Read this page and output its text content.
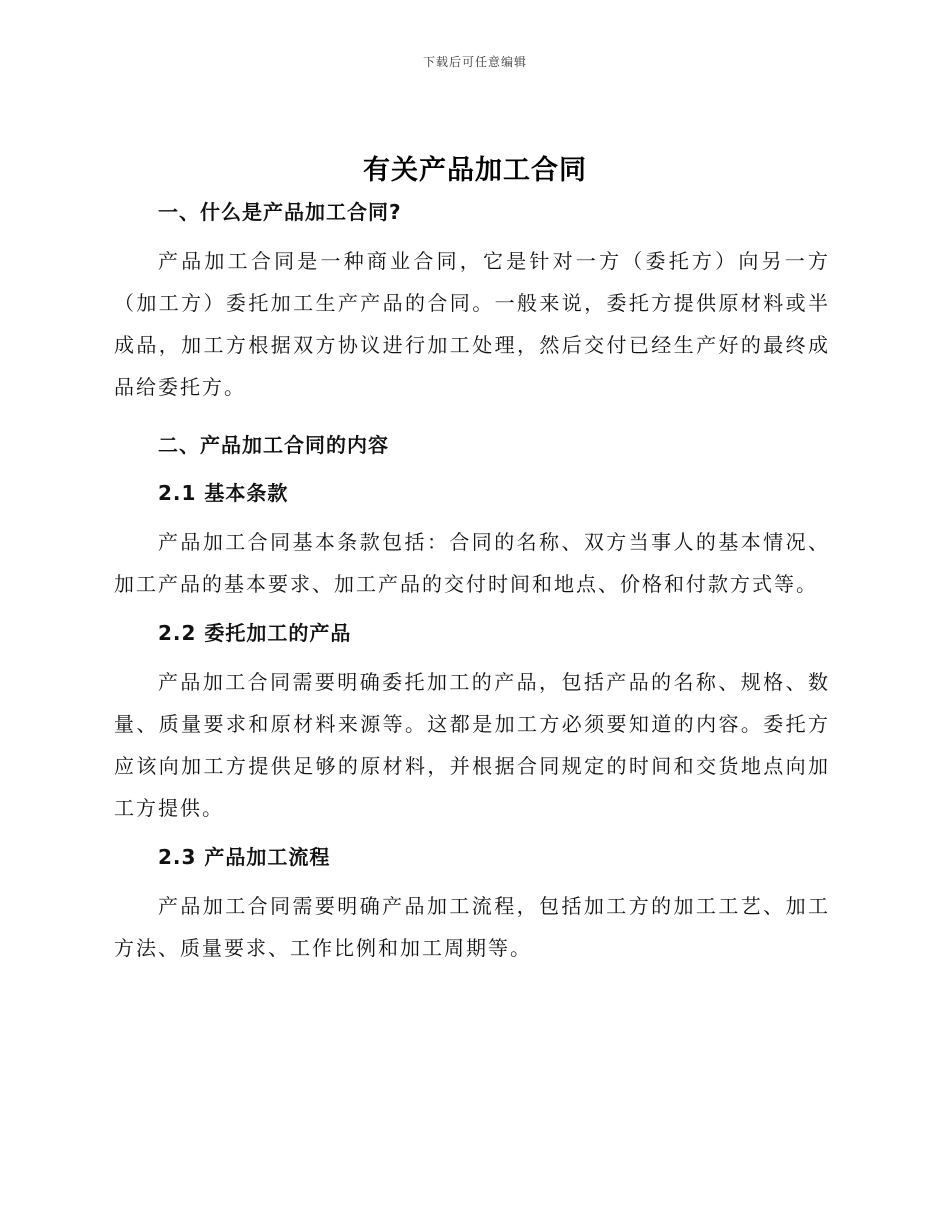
下载后可任意编辑
有关产品加工合同
一、什么是产品加工合同?

产品加工合同是一种商业合同，它是针对一方（委托方）向另一方（加工方）委托加工生产产品的合同。一般来说，委托方提供原材料或半成品，加工方根据双方协议进行加工处理，然后交付已经生产好的最终成品给委托方。

二、产品加工合同的内容
2.1 基本条款

产品加工合同基本条款包括：合同的名称、双方当事人的基本情况、加工产品的基本要求、加工产品的交付时间和地点、价格和付款方式等。

2.2 委托加工的产品

产品加工合同需要明确委托加工的产品，包括产品的名称、规格、数量、质量要求和原材料来源等。这都是加工方必须要知道的内容。委托方应该向加工方提供足够的原材料，并根据合同规定的时间和交货地点向加工方提供。

2.3 产品加工流程

产品加工合同需要明确产品加工流程，包括加工方的加工工艺、加工方法、质量要求、工作比例和加工周期等。
